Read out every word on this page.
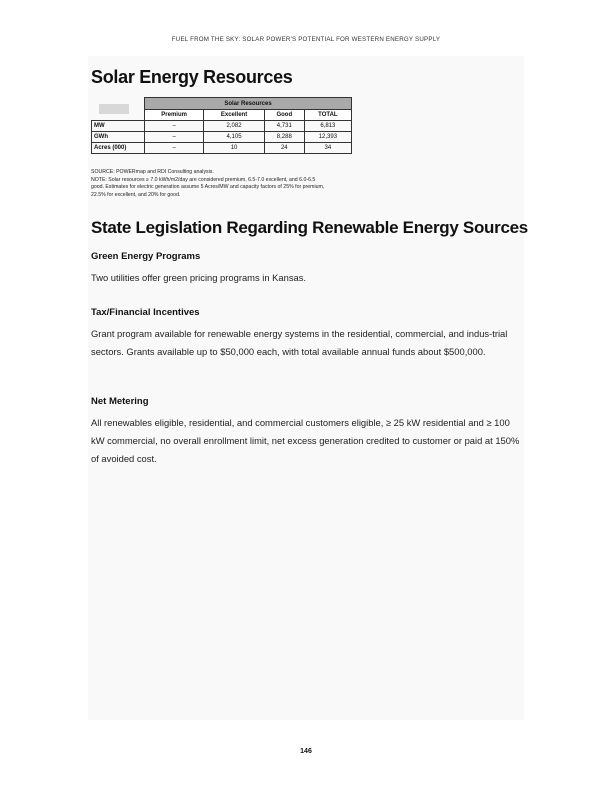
FUEL FROM THE SKY: SOLAR POWER'S POTENTIAL FOR WESTERN ENERGY SUPPLY
Solar Energy Resources
	Solar Resources			
	Premium	Excellent	Good	TOTAL
MW	–	2,082	4,731	6,813
GWh	–	4,105	8,288	12,393
Acres (000)	–	10	24	34
SOURCE: POWERmap and RDI Consulting analysis.
NOTE: Solar resources ≥ 7.0 kWh/m2/day are considered premium, 6.5-7.0 excellent, and 6.0-6.5
good. Estimates for electric generation assume 5 Acres/MW and capacity factors of 25% for premium,
22.5% for excellent, and 20% for good.
State Legislation Regarding Renewable Energy Sources
Green Energy Programs
Two utilities offer green pricing programs in Kansas.
Tax/Financial Incentives
Grant program available for renewable energy systems in the residential, commercial, and indus-trial sectors. Grants available up to $50,000 each, with total available annual funds about $500,000.
Net Metering
All renewables eligible, residential, and commercial customers eligible, ≥ 25 kW residential and ≥ 100 kW commercial, no overall enrollment limit, net excess generation credited to customer or paid at 150% of avoided cost.
146
